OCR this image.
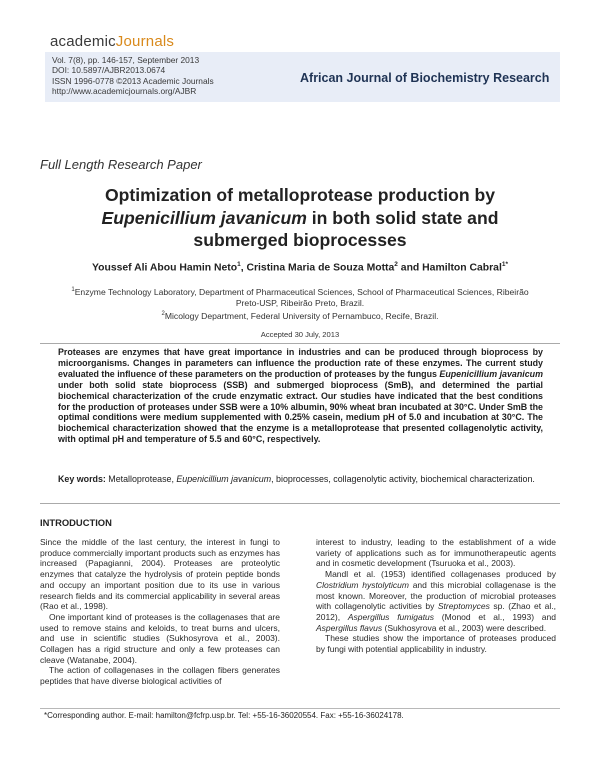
academicJournals
Vol. 7(8), pp. 146-157, September 2013
DOI: 10.5897/AJBR2013.0674
ISSN 1996-0778 ©2013 Academic Journals
http://www.academicjournals.org/AJBR
African Journal of Biochemistry Research
Full Length Research Paper
Optimization of metalloprotease production by
Eupenicillium javanicum in both solid state and
submerged bioprocesses
Youssef Ali Abou Hamin Neto$^1$, Cristina Maria de Souza Motta$^2$ and Hamilton Cabral$^{1*}$
$^1$Enzyme Technology Laboratory, Department of Pharmaceutical Sciences, School of Pharmaceutical Sciences, Ribeirão Preto-USP, Ribeirão Preto, Brazil.
$^2$Micology Department, Federal University of Pernambuco, Recife, Brazil.
Accepted 30 July, 2013
Proteases are enzymes that have great importance in industries and can be produced through bioprocess by microorganisms. Changes in parameters can influence the production rate of these enzymes. The current study evaluated the influence of these parameters on the production of proteases by the fungus Eupenicillium javanicum under both solid state bioprocess (SSB) and submerged bioprocess (SmB), and determined the partial biochemical characterization of the crude enzymatic extract. Our studies have indicated that the best conditions for the production of proteases under SSB were a 10% albumin, 90% wheat bran incubated at 30°C. Under SmB the optimal conditions were medium supplemented with 0.25% casein, medium pH of 5.0 and incubation at 30°C. The biochemical characterization showed that the enzyme is a metalloprotease that presented collagenolytic activity, with optimal pH and temperature of 5.5 and 60°C, respectively.
Key words: Metalloprotease, Eupenicillium javanicum, bioprocesses, collagenolytic activity, biochemical characterization.
INTRODUCTION

Since the middle of the last century, the interest in fungi to produce commercially important products such as enzymes has increased (Papagianni, 2004). Proteases are proteolytic enzymes that catalyze the hydrolysis of protein peptide bonds and occupy an important position due to its use in various research fields and its commercial applicability in several areas (Rao et al., 1998).

One important kind of proteases is the collagenases that are used to remove stains and keloids, to treat burns and ulcers, and use in scientific studies (Sukhosyrova et al., 2003). Collagen has a rigid structure and only a few proteases can cleave (Watanabe, 2004).

The action of collagenases in the collagen fibers generates peptides that have diverse biological activities of

interest to industry, leading to the establishment of a wide variety of applications such as for immunotherapeutic agents and in cosmetic development (Tsuruoka et al., 2003).

Mandl et al. (1953) identified collagenases produced by Clostridium hystolyticum and this microbial collagenase is the most known. Moreover, the production of microbial proteases with collagenolytic activities by Streptomyces sp. (Zhao et al., 2012), Aspergillus fumigatus (Monod et al., 1993) and Aspergillus flavus (Sukhosyrova et al., 2003) were described.

These studies show the importance of proteases produced by fungi with potential applicability in industry.

*Corresponding author. E-mail: hamilton@fcfrp.usp.br. Tel: +55-16-36020554. Fax: +55-16-36024178.
